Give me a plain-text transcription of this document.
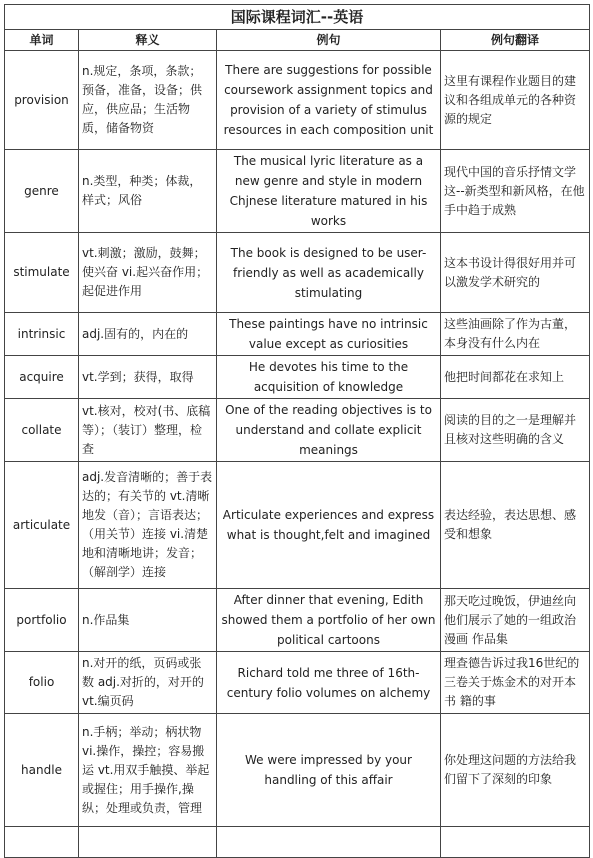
国际课程词汇--英语			
单词	释义	例句	例句翻译
provision	n.规定，条项，条款；预备，准备，设备；供应，供应品；生活物质，储备物资	There are suggestions for possible coursework assignment topics and provision of a variety of stimulus resources in each composition unit	这里有课程作业题目的建议和各组成单元的各种资源的规定
genre	n.类型，种类；体裁，样式；风俗	The musical lyric literature as a new genre and style in modern Chjnese literature matured in his works	现代中国的音乐抒情文学这--新类型和新风格，在他手中趋于成熟
stimulate	vt.刺激；激励，鼓舞；使兴奋 vi.起兴奋作用；起促进作用	The book is designed to be user-friendly as well as academically stimulating	这本书设计得很好用并可以激发学术研究的
intrinsic	adj.固有的，内在的	These paintings have no intrinsic value except as curiosities	这些油画除了作为古董，本身没有什么内在
acquire	vt.学到；获得，取得	He devotes his time to the acquisition of knowledge	他把时间都花在求知上
collate	vt.核对，校对(书、底稿等）；（装订）整理，检查	One of the reading objectives is to understand and collate explicit meanings	阅读的目的之一是理解并且核对这些明确的含义
articulate	adj.发音清晰的；善于表达的；有关节的 vt.清晰地发（音）；言语表达；（用关节）连接 vi.清楚地和清晰地讲；发音；（解剖学）连接	Articulate experiences and express what is thought,felt and imagined	表达经验，表达思想、感受和想象
portfolio	n.作品集	After dinner that evening, Edith showed them a portfolio of her own political cartoons	那天吃过晚饭，伊迪丝向他们展示了她的一组政治漫画 作品集
folio	n.对开的纸，页码或张数 adj.对折的，对开的 vt.编页码	Richard told me three of 16th-century folio volumes on alchemy	理查德告诉过我16世纪的三卷关于炼金术的对开本书 籍的事
handle	n.手柄；举动；柄状物 vi.操作，操控；容易搬运 vt.用双手触摸、举起或握住；用手操作,操纵；处理或负责，管理	We were impressed by your handling of this affair	你处理这问题的方法给我们留下了深刻的印象
